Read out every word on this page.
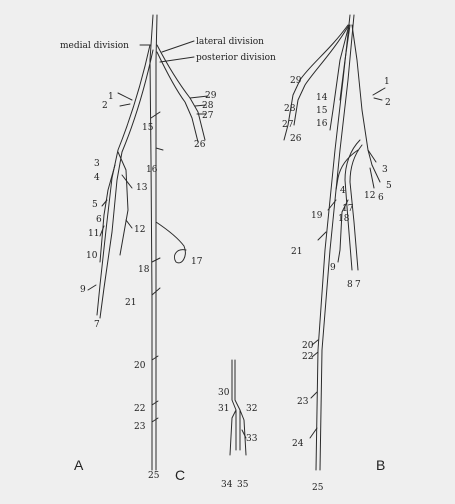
medial division	lateral division
posterior division
1
2
29
28
27
26
15
16
3
4
13
5
6
11	12
10
9
7
17
18
21
20
22
23
25
A
30
31 32
33
34 35
C
29
28
27
26
14
15
16
1
2
3
5
6
4 12
17
18
19
21
9
8 7
20
22
23
24
25
B
